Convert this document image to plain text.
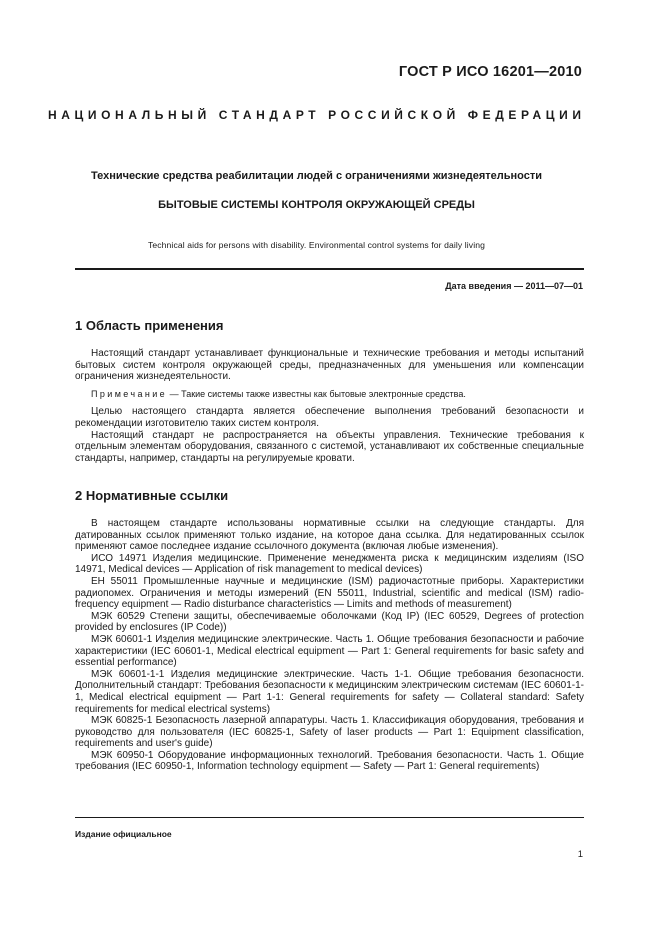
ГОСТ Р ИСО 16201—2010
НАЦИОНАЛЬНЫЙ СТАНДАРТ РОССИЙСКОЙ ФЕДЕРАЦИИ
Технические средства реабилитации людей с ограничениями жизнедеятельности
БЫТОВЫЕ СИСТЕМЫ КОНТРОЛЯ ОКРУЖАЮЩЕЙ СРЕДЫ
Technical aids for persons with disability. Environmental control systems for daily living
Дата введения — 2011—07—01
1 Область применения

Настоящий стандарт устанавливает функциональные и технические требования и методы испытаний бытовых систем контроля окружающей среды, предназначенных для уменьшения или компенсации ограничения жизнедеятельности.

Примечание — Такие системы также известны как бытовые электронные средства.

Целью настоящего стандарта является обеспечение выполнения требований безопасности и рекомендации изготовителю таких систем контроля.

Настоящий стандарт не распространяется на объекты управления. Технические требования к отдельным элементам оборудования, связанного с системой, устанавливают их собственные специальные стандарты, например, стандарты на регулируемые кровати.

2 Нормативные ссылки

В настоящем стандарте использованы нормативные ссылки на следующие стандарты. Для датированных ссылок применяют только издание, на которое дана ссылка. Для недатированных ссылок применяют самое последнее издание ссылочного документа (включая любые изменения).

ИСО 14971 Изделия медицинские. Применение менеджмента риска к медицинским изделиям (ISO 14971, Medical devices — Application of risk management to medical devices)

ЕН 55011 Промышленные научные и медицинские (ISM) радиочастотные приборы. Характеристики радиопомех. Ограничения и методы измерений (EN 55011, Industrial, scientific and medical (ISM) radio-frequency equipment — Radio disturbance characteristics — Limits and methods of measurement)

МЭК 60529 Степени защиты, обеспечиваемые оболочками (Код IP) (IEC 60529, Degrees of protection provided by enclosures (IP Code))

МЭК 60601-1 Изделия медицинские электрические. Часть 1. Общие требования безопасности и рабочие характеристики (IEC 60601-1, Medical electrical equipment — Part 1: General requirements for basic safety and essential performance)

МЭК 60601-1-1 Изделия медицинские электрические. Часть 1-1. Общие требования безопасности. Дополнительный стандарт: Требования безопасности к медицинским электрическим системам (IEC 60601-1-1, Medical electrical equipment — Part 1-1: General requirements for safety — Collateral standard: Safety requirements for medical electrical systems)

МЭК 60825-1 Безопасность лазерной аппаратуры. Часть 1. Классификация оборудования, требования и руководство для пользователя (IEC 60825-1, Safety of laser products — Part 1: Equipment classification, requirements and user's guide)

МЭК 60950-1 Оборудование информационных технологий. Требования безопасности. Часть 1. Общие требования (IEC 60950-1, Information technology equipment — Safety — Part 1: General requirements)

Издание официальное
1
